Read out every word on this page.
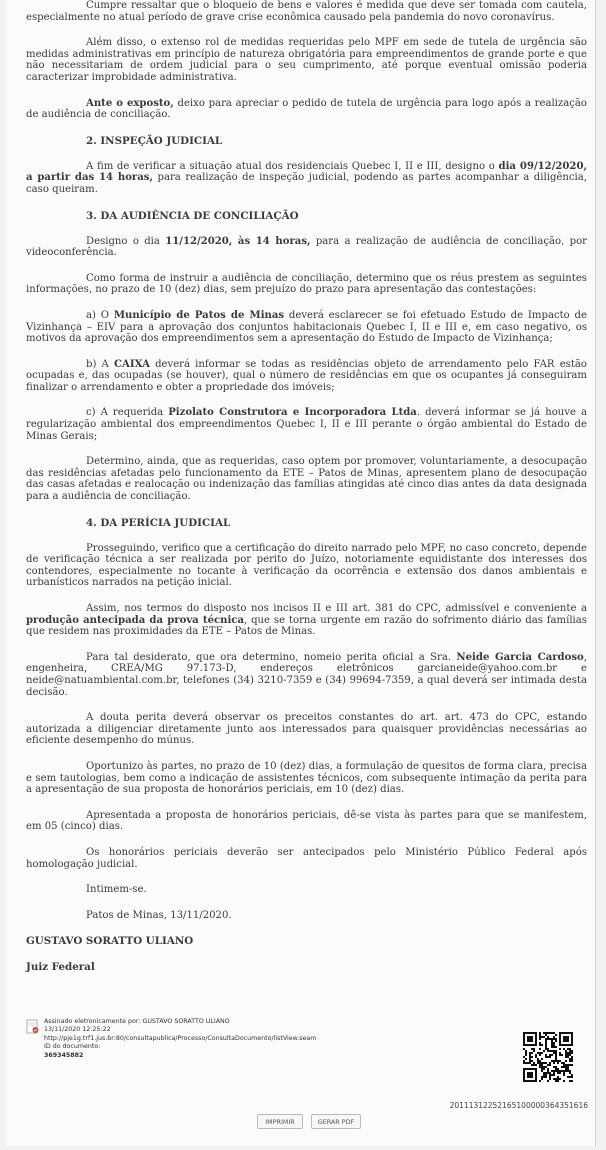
Cumpre ressaltar que o bloqueio de bens e valores é medida que deve ser tomada com cautela, especialmente no atual período de grave crise econômica causado pela pandemia do novo coronavírus.

Além disso, o extenso rol de medidas requeridas pelo MPF em sede de tutela de urgência são medidas administrativas em princípio de natureza obrigatória para empreendimentos de grande porte e que não necessitariam de ordem judicial para o seu cumprimento, até porque eventual omissão poderia caracterizar improbidade administrativa.

Ante o exposto, deixo para apreciar o pedido de tutela de urgência para logo após a realização de audiência de conciliação.

2. INSPEÇÃO JUDICIAL

A fim de verificar a situação atual dos residenciais Quebec I, II e III, designo o dia 09/12/2020, a partir das 14 horas, para realização de inspeção judicial, podendo as partes acompanhar a diligência, caso queiram.

3. DA AUDIÊNCIA DE CONCILIAÇÃO

Designo o dia 11/12/2020, às 14 horas, para a realização de audiência de conciliação, por videoconferência.

Como forma de instruir a audiência de conciliação, determino que os réus prestem as seguintes informações, no prazo de 10 (dez) dias, sem prejuízo do prazo para apresentação das contestações:

a) O Município de Patos de Minas deverá esclarecer se foi efetuado Estudo de Impacto de Vizinhança – EIV para a aprovação dos conjuntos habitacionais Quebec I, II e III e, em caso negativo, os motivos da aprovação dos empreendimentos sem a apresentação do Estudo de Impacto de Vizinhança;

b) A CAIXA deverá informar se todas as residências objeto de arrendamento pelo FAR estão ocupadas e, das ocupadas (se houver), qual o número de residências em que os ocupantes já conseguiram finalizar o arrendamento e obter a propriedade dos imóveis;

c) A requerida Pizolato Construtora e Incorporadora Ltda. deverá informar se já houve a regularização ambiental dos empreendimentos Quebec I, II e III perante o órgão ambiental do Estado de Minas Gerais;

Determino, ainda, que as requeridas, caso optem por promover, voluntariamente, a desocupação das residências afetadas pelo funcionamento da ETE – Patos de Minas, apresentem plano de desocupação das casas afetadas e realocação ou indenização das famílias atingidas até cinco dias antes da data designada para a audiência de conciliação.

4. DA PERÍCIA JUDICIAL

Prosseguindo, verifico que a certificação do direito narrado pelo MPF, no caso concreto, depende de verificação técnica a ser realizada por perito do Juízo, notoriamente equidistante dos interesses dos contendores, especialmente no tocante à verificação da ocorrência e extensão dos danos ambientais e urbanísticos narrados na petição inicial.

Assim, nos termos do disposto nos incisos II e III art. 381 do CPC, admissível e conveniente a produção antecipada da prova técnica, que se torna urgente em razão do sofrimento diário das famílias que residem nas proximidades da ETE – Patos de Minas.

Para tal desiderato, que ora determino, nomeio perita oficial a Sra. Neide Garcia Cardoso, engenheira, CREA/MG 97.173-D, endereços eletrônicos garcianeide@yahoo.com.br e neide@natuambiental.com.br, telefones (34) 3210-7359 e (34) 99694-7359, a qual deverá ser intimada desta decisão.

A douta perita deverá observar os preceitos constantes do art. art. 473 do CPC, estando autorizada a diligenciar diretamente junto aos interessados para quaisquer providências necessárias ao eficiente desempenho do múnus.

Oportunizo às partes, no prazo de 10 (dez) dias, a formulação de quesitos de forma clara, precisa e sem tautologias, bem como a indicação de assistentes técnicos, com subsequente intimação da perita para a apresentação de sua proposta de honorários periciais, em 10 (dez) dias.

Apresentada a proposta de honorários periciais, dê-se vista às partes para que se manifestem, em 05 (cinco) dias.

Os honorários periciais deverão ser antecipados pelo Ministério Público Federal após homologação judicial.

Intimem-se.

Patos de Minas, 13/11/2020.

GUSTAVO SORATTO ULIANO

Juiz Federal

Assinado eletronicamente por: GUSTAVO SORATTO ULIANO
13/11/2020 12:25:22
http://pje1g.trf1.jus.br:80/consultapublica/Processo/ConsultaDocumento/listView.seam
ID do documento:
369345882
20111312252165100000364351616
IMPRIMIR	GERAR PDF
